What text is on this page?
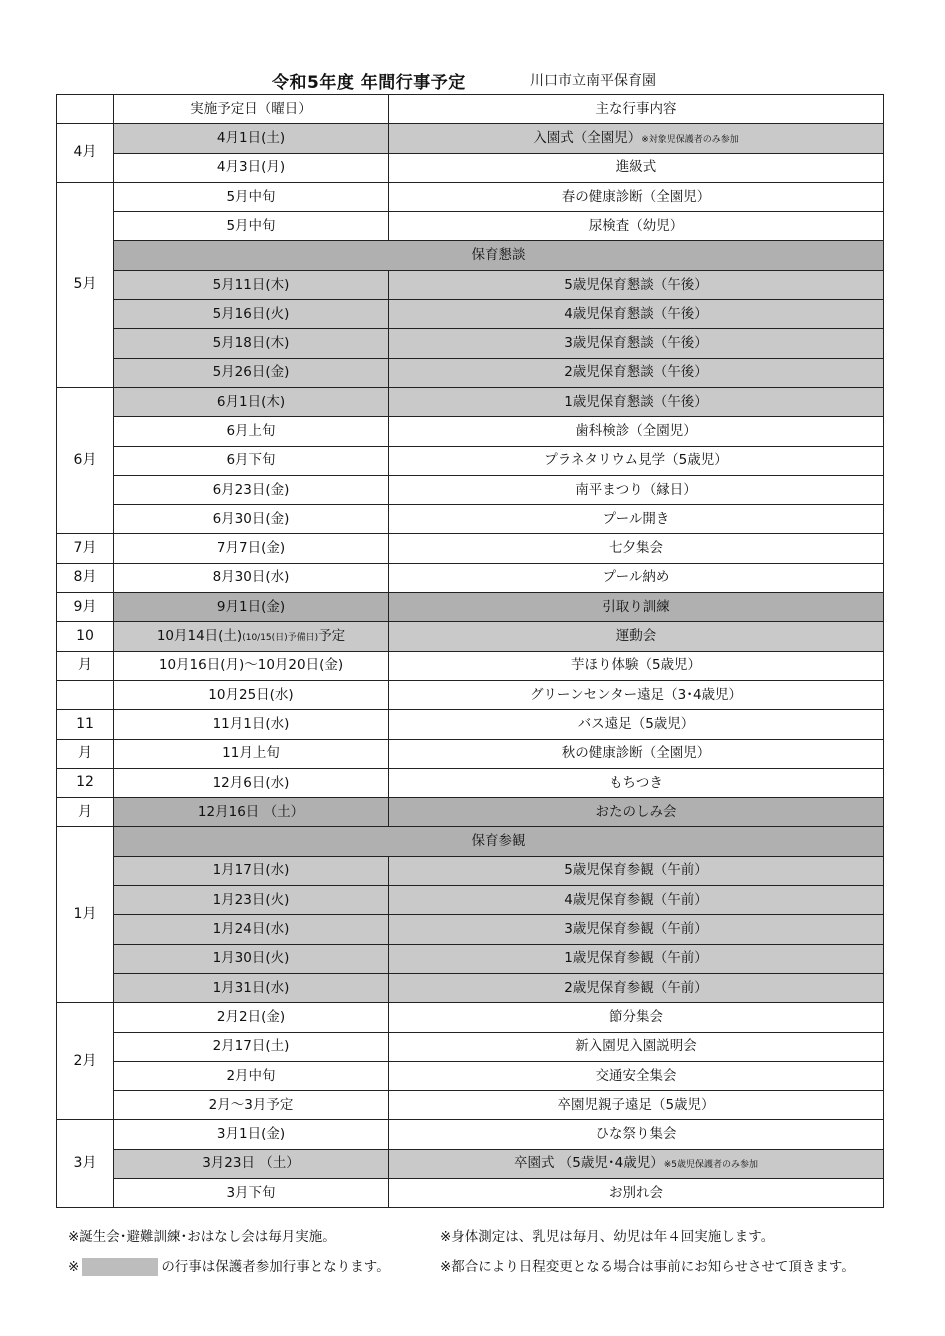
令和5年度 年間行事予定	川口市立南平保育園
	実施予定日（曜日）	主な行事内容
4月	4月1日(土)	入園式（全園児）※対象児保護者のみ参加
	4月3日(月)	進級式
5月	5月中旬	春の健康診断（全園児）
	5月中旬	尿検査（幼児）
	保育懇談	
	5月11日(木)	5歳児保育懇談（午後）
	5月16日(火)	4歳児保育懇談（午後）
	5月18日(木)	3歳児保育懇談（午後）
	5月26日(金)	2歳児保育懇談（午後）
6月	6月1日(木)	1歳児保育懇談（午後）
	6月上旬	歯科検診（全園児）
	6月下旬	プラネタリウム見学（5歳児）
	6月23日(金)	南平まつり（縁日）
	6月30日(金)	プール開き
7月	7月7日(金)	七夕集会
8月	8月30日(水)	プール納め
9月	9月1日(金)	引取り訓練
10	10月14日(土)(10/15(日)予備日)予定	運動会
月	10月16日(月)～10月20日(金)	芋ほり体験（5歳児）
	10月25日(水)	グリーンセンター遠足（3･4歳児）
11	11月1日(水)	バス遠足（5歳児）
月	11月上旬	秋の健康診断（全園児）
12	12月6日(水)	もちつき
月	12月16日 （土）	おたのしみ会
1月	保育参観	
	1月17日(水)	5歳児保育参観（午前）
	1月23日(火)	4歳児保育参観（午前）
	1月24日(水)	3歳児保育参観（午前）
	1月30日(火)	1歳児保育参観（午前）
	1月31日(水)	2歳児保育参観（午前）
2月	2月2日(金)	節分集会
	2月17日(土)	新入園児入園説明会
	2月中旬	交通安全集会
	2月～3月予定	卒園児親子遠足（5歳児）
3月	3月1日(金)	ひな祭り集会
	3月23日 （土）	卒園式 （5歳児･4歳児）※5歳児保護者のみ参加
	3月下旬	お別れ会
※誕生会･避難訓練･おはなし会は毎月実施。
※	の行事は保護者参加行事となります。
※身体測定は、乳児は毎月、幼児は年４回実施します。
※都合により日程変更となる場合は事前にお知らせさせて頂きます。
